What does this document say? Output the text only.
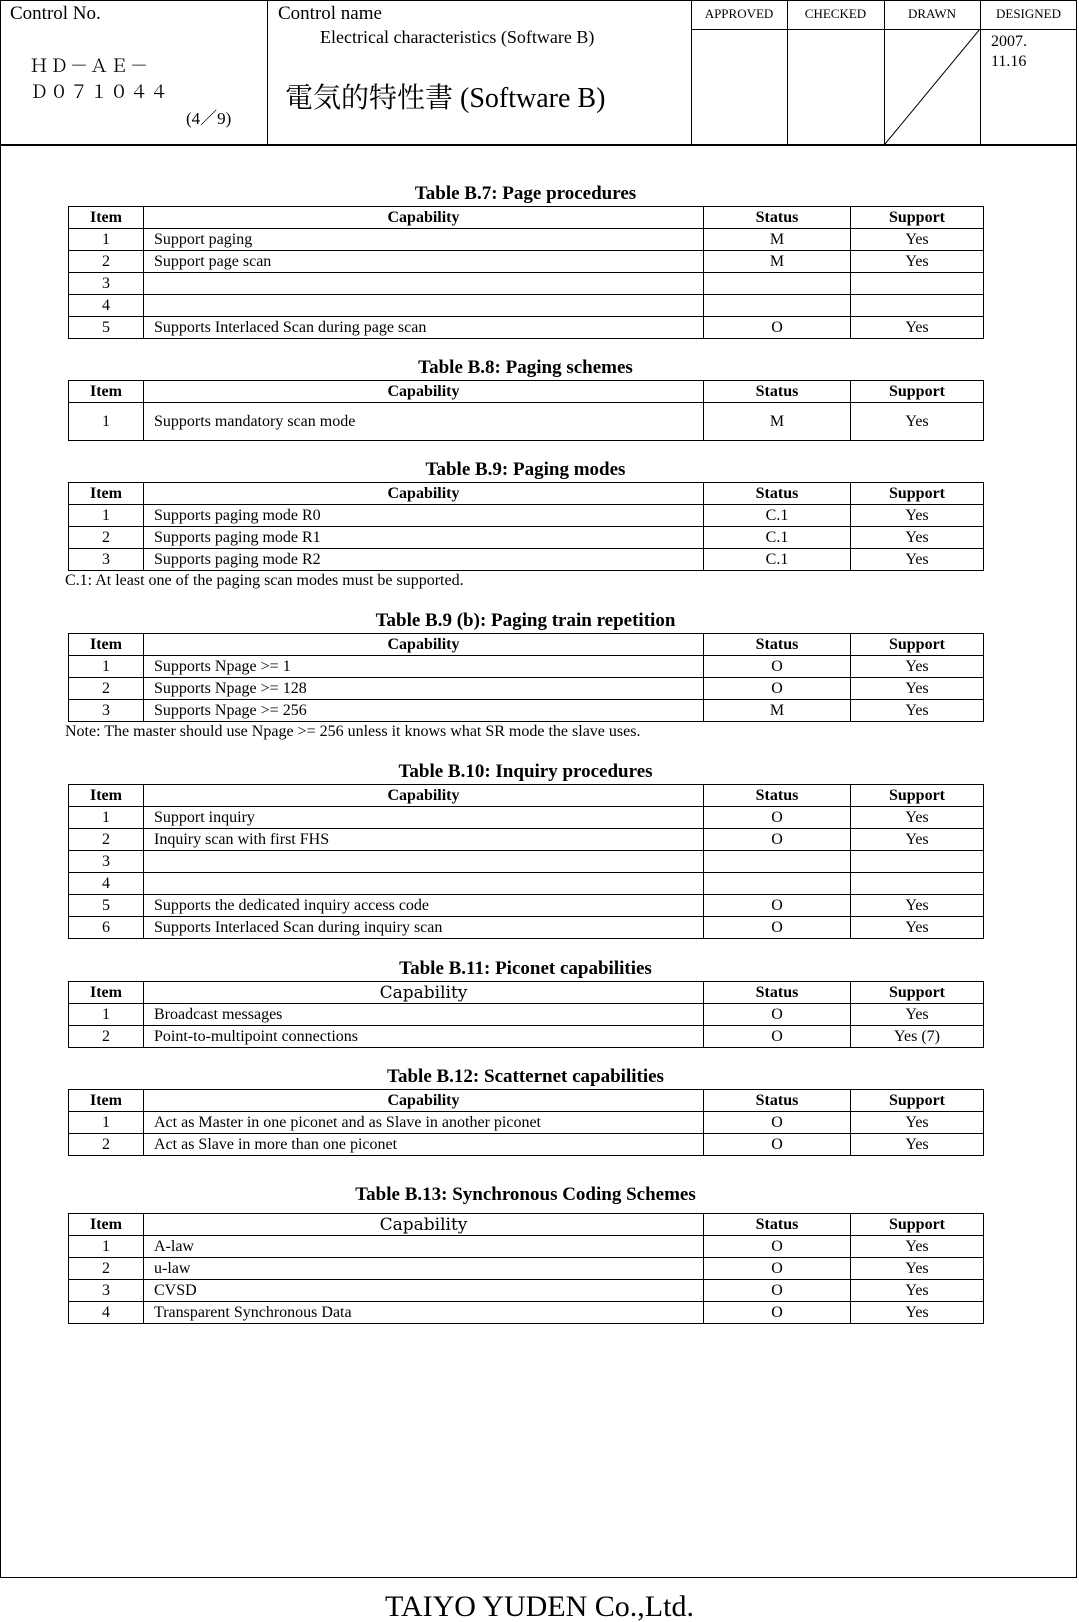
Control No.
ＨＤ－ＡＥ－
Ｄ０７１０４４
(4／9)
Control name
Electrical characteristics (Software B)
電気的特性書 (Software B)
APPROVED	CHECKED	DRAWN	DESIGNED
2007.
11.16
Table B.7: Page procedures
Item	Capability	Status	Support
1	Support paging	M	Yes
2	Support page scan	M	Yes
3			
4			
5	Supports Interlaced Scan during page scan	O	Yes
Table B.8: Paging schemes
Item	Capability	Status	Support
1	Supports mandatory scan mode	M	Yes
Table B.9: Paging modes
Item	Capability	Status	Support
1	Supports paging mode R0	C.1	Yes
2	Supports paging mode R1	C.1	Yes
3	Supports paging mode R2	C.1	Yes
C.1: At least one of the paging scan modes must be supported.
Table B.9 (b): Paging train repetition
Item	Capability	Status	Support
1	Supports Npage >= 1	O	Yes
2	Supports Npage >= 128	O	Yes
3	Supports Npage >= 256	M	Yes
Note: The master should use Npage >= 256 unless it knows what SR mode the slave uses.
Table B.10: Inquiry procedures
Item	Capability	Status	Support
1	Support inquiry	O	Yes
2	Inquiry scan with first FHS	O	Yes
3			
4			
5	Supports the dedicated inquiry access code	O	Yes
6	Supports Interlaced Scan during inquiry scan	O	Yes
Table B.11: Piconet capabilities
Item	Capability	Status	Support
1	Broadcast messages	O	Yes
2	Point-to-multipoint connections	O	Yes (7)
Table B.12: Scatternet capabilities
Item	Capability	Status	Support
1	Act as Master in one piconet and as Slave in another piconet	O	Yes
2	Act as Slave in more than one piconet	O	Yes
Table B.13: Synchronous Coding Schemes
Item	Capability	Status	Support
1	A-law	O	Yes
2	u-law	O	Yes
3	CVSD	O	Yes
4	Transparent Synchronous Data	O	Yes
TAIYO YUDEN Co.,Ltd.
